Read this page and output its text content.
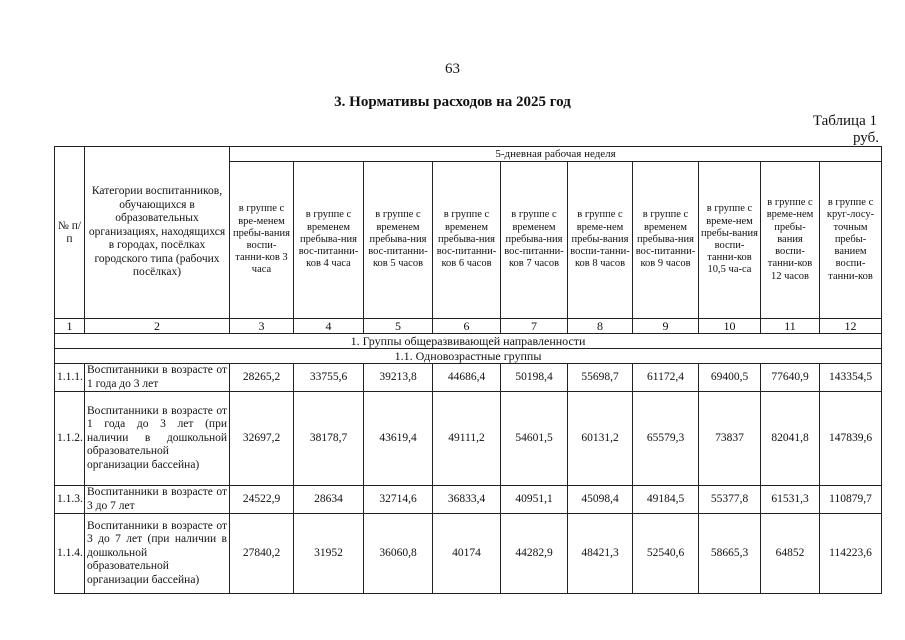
63
3. Нормативы расходов на 2025 год
Таблица 1
руб.
№ п/п	Категории воспитанников, обучающихся в образовательных организациях, находящихся в городах, посёлках городского типа (рабочих посёлках)	5-дневная рабочая неделя									
		в группе с вре-менем пребы-вания воспи-танни-ков 3 часа	в группе с временем пребыва-ния вос-питанни-ков 4 часа	в группе с временем пребыва-ния вос-питанни-ков 5 часов	в группе с временем пребыва-ния вос-питанни-ков 6 часов	в группе с временем пребыва-ния вос-питанни-ков 7 часов	в группе с време-нем пребы-вания воспи-танни-ков 8 часов	в группе с временем пребыва-ния вос-питанни-ков 9 часов	в группе с време-нем пребы-вания воспи-танни-ков 10,5 ча-са	в группе с време-нем пребы-вания воспи-танни-ков 12 часов	в группе с круг-лосу-точным пребы-ванием воспи-танни-ков
1	2	3	4	5	6	7	8	9	10	11	12
1. Группы общеразвивающей направленности											
1.1. Одновозрастные группы											
1.1.1.	Воспитанники в возрасте от 1 года до 3 лет	28265,2	33755,6	39213,8	44686,4	50198,4	55698,7	61172,4	69400,5	77640,9	143354,5
1.1.2.	Воспитанники в возрасте от 1 года до 3 лет (при наличии в дошкольной образовательной организации бассейна)	32697,2	38178,7	43619,4	49111,2	54601,5	60131,2	65579,3	73837	82041,8	147839,6
1.1.3.	Воспитанники в возрасте от 3 до 7 лет	24522,9	28634	32714,6	36833,4	40951,1	45098,4	49184,5	55377,8	61531,3	110879,7
1.1.4.	Воспитанники в возрасте от 3 до 7 лет (при наличии в дошкольной образовательной организации бассейна)	27840,2	31952	36060,8	40174	44282,9	48421,3	52540,6	58665,3	64852	114223,6
